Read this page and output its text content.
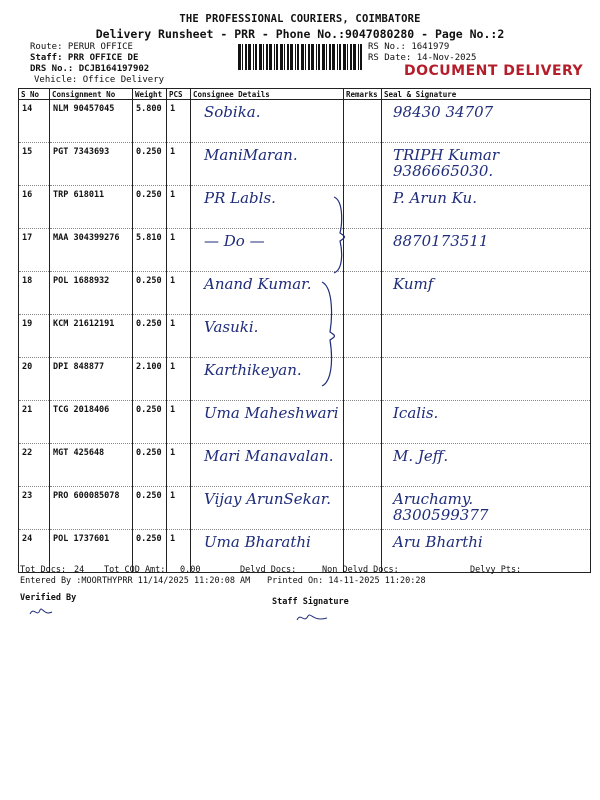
THE PROFESSIONAL COURIERS, COIMBATORE
Delivery Runsheet - PRR - Phone No.:9047080280 - Page No.:2
Route: PERUR OFFICE
Staff: PRR OFFICE DE
DRS No.: DCJB164197902
Vehicle: Office Delivery
RS No.: 1641979
RS Date: 14-Nov-2025
DOCUMENT DELIVERY
S No	Consignment No	Weight	PCS	Consignee Details	Remarks	Seal & Signature
14	NLM 90457045	5.800	1	Sobika.		98430 34707
15	PGT 7343693	0.250	1	ManiMaran.		TRIPH Kumar
9386665030.
16	TRP 618011	0.250	1	PR Labls.		P. Arun Ku.
17	MAA 304399276	5.810	1	— Do —		8870173511
18	POL 1688932	0.250	1	Anand Kumar.		Kumf
19	KCM 21612191	0.250	1	Vasuki.		
20	DPI 848877	2.100	1	Karthikeyan.		
21	TCG 2018406	0.250	1	Uma Maheshwari		Icalis.
22	MGT 425648	0.250	1	Mari Manavalan.		M. Jeff.
23	PRO 600085078	0.250	1	Vijay ArunSekar.		Aruchamy.
8300599377
24	POL 1737601	0.250	1	Uma Bharathi		Aru Bharthi
Tot Docs: 24 Tot COD Amt: 0.00	Delvd Docs:	Non Delvd Docs:	Delvy Pts:
Entered By :MOORTHYPRR 11/14/2025 11:20:08 AM Printed On: 14-11-2025 11:20:28
Verified By	Staff Signature
